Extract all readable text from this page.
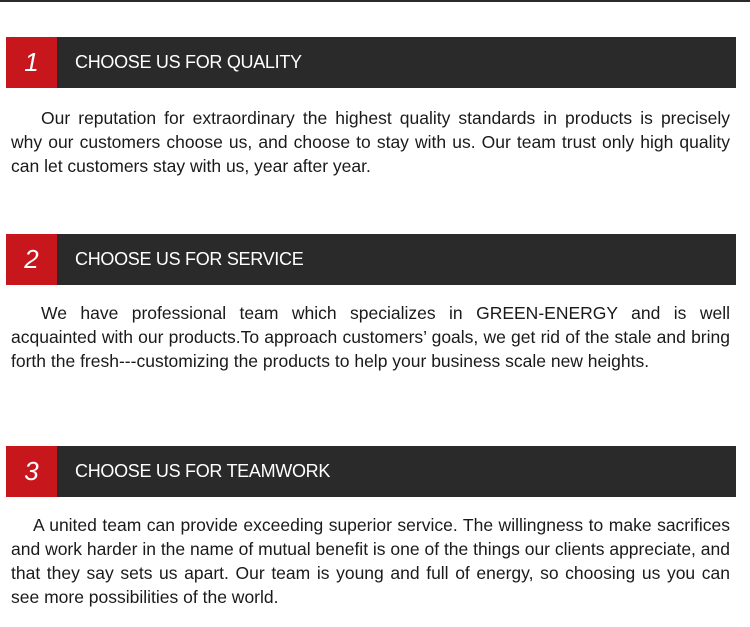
1	CHOOSE US FOR QUALITY

Our reputation for extraordinary the highest quality standards in products is precisely why our customers choose us, and choose to stay with us. Our team trust only high quality can let customers stay with us, year after year.

2	CHOOSE US FOR SERVICE

We have professional team which specializes in GREEN-ENERGY and is well acquainted with our products.To approach customers’ goals, we get rid of the stale and bring forth the fresh---customizing the products to help your business scale new heights.

3	CHOOSE US FOR TEAMWORK

A united team can provide exceeding superior service. The willingness to make sacrifices and work harder in the name of mutual benefit is one of the things our clients appreciate, and that they say sets us apart. Our team is young and full of energy, so choosing us you can see more possibilities of the world.
